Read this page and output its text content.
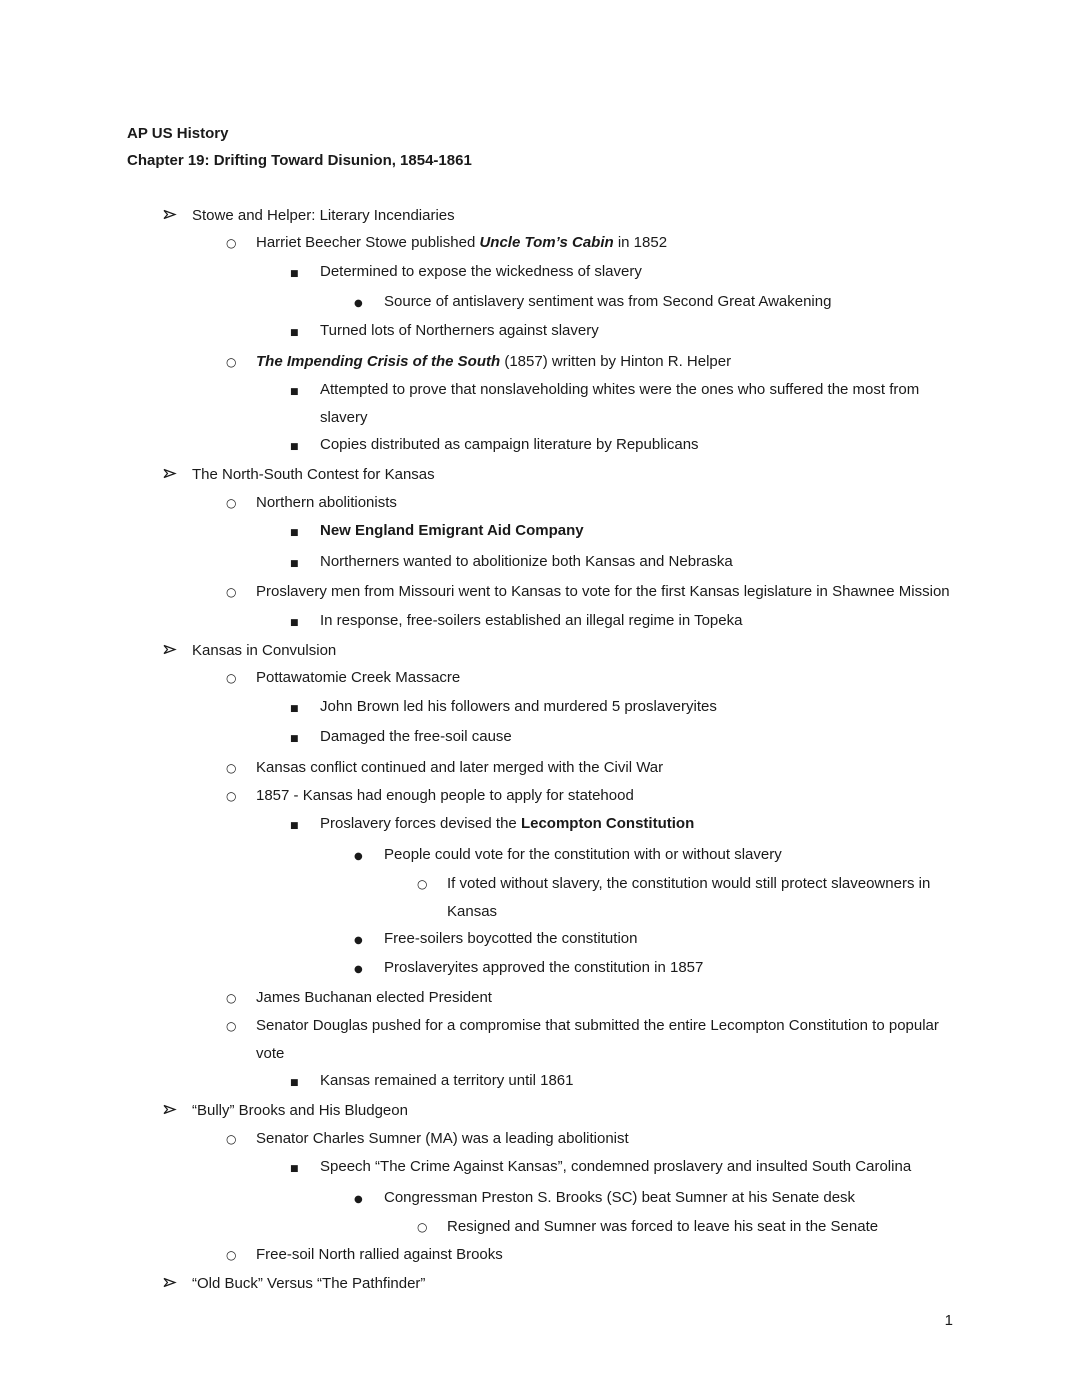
AP US History
Chapter 19: Drifting Toward Disunion, 1854-1861
Stowe and Helper: Literary Incendiaries
○	Harriet Beecher Stowe published Uncle Tom’s Cabin in 1852
■	Determined to expose the wickedness of slavery
●	Source of antislavery sentiment was from Second Great Awakening
■	Turned lots of Northerners against slavery
○	The Impending Crisis of the South (1857) written by Hinton R. Helper
■	Attempted to prove that nonslaveholding whites were the ones who suffered the most from slavery
■	Copies distributed as campaign literature by Republicans
The North-South Contest for Kansas
○	Northern abolitionists
■	New England Emigrant Aid Company
■	Northerners wanted to abolitionize both Kansas and Nebraska
○	Proslavery men from Missouri went to Kansas to vote for the first Kansas legislature in Shawnee Mission
■	In response, free-soilers established an illegal regime in Topeka
Kansas in Convulsion
○	Pottawatomie Creek Massacre
■	John Brown led his followers and murdered 5 proslaveryites
■	Damaged the free-soil cause
○	Kansas conflict continued and later merged with the Civil War
○	1857 - Kansas had enough people to apply for statehood
■	Proslavery forces devised the Lecompton Constitution
●	People could vote for the constitution with or without slavery
○	If voted without slavery, the constitution would still protect slaveowners in Kansas
●	Free-soilers boycotted the constitution
●	Proslaveryites approved the constitution in 1857
○	James Buchanan elected President
○	Senator Douglas pushed for a compromise that submitted the entire Lecompton Constitution to popular vote
■	Kansas remained a territory until 1861
“Bully” Brooks and His Bludgeon
○	Senator Charles Sumner (MA) was a leading abolitionist
■	Speech “The Crime Against Kansas”, condemned proslavery and insulted South Carolina
●	Congressman Preston S. Brooks (SC) beat Sumner at his Senate desk
○	Resigned and Sumner was forced to leave his seat in the Senate
○	Free-soil North rallied against Brooks
“Old Buck” Versus “The Pathfinder”
1
